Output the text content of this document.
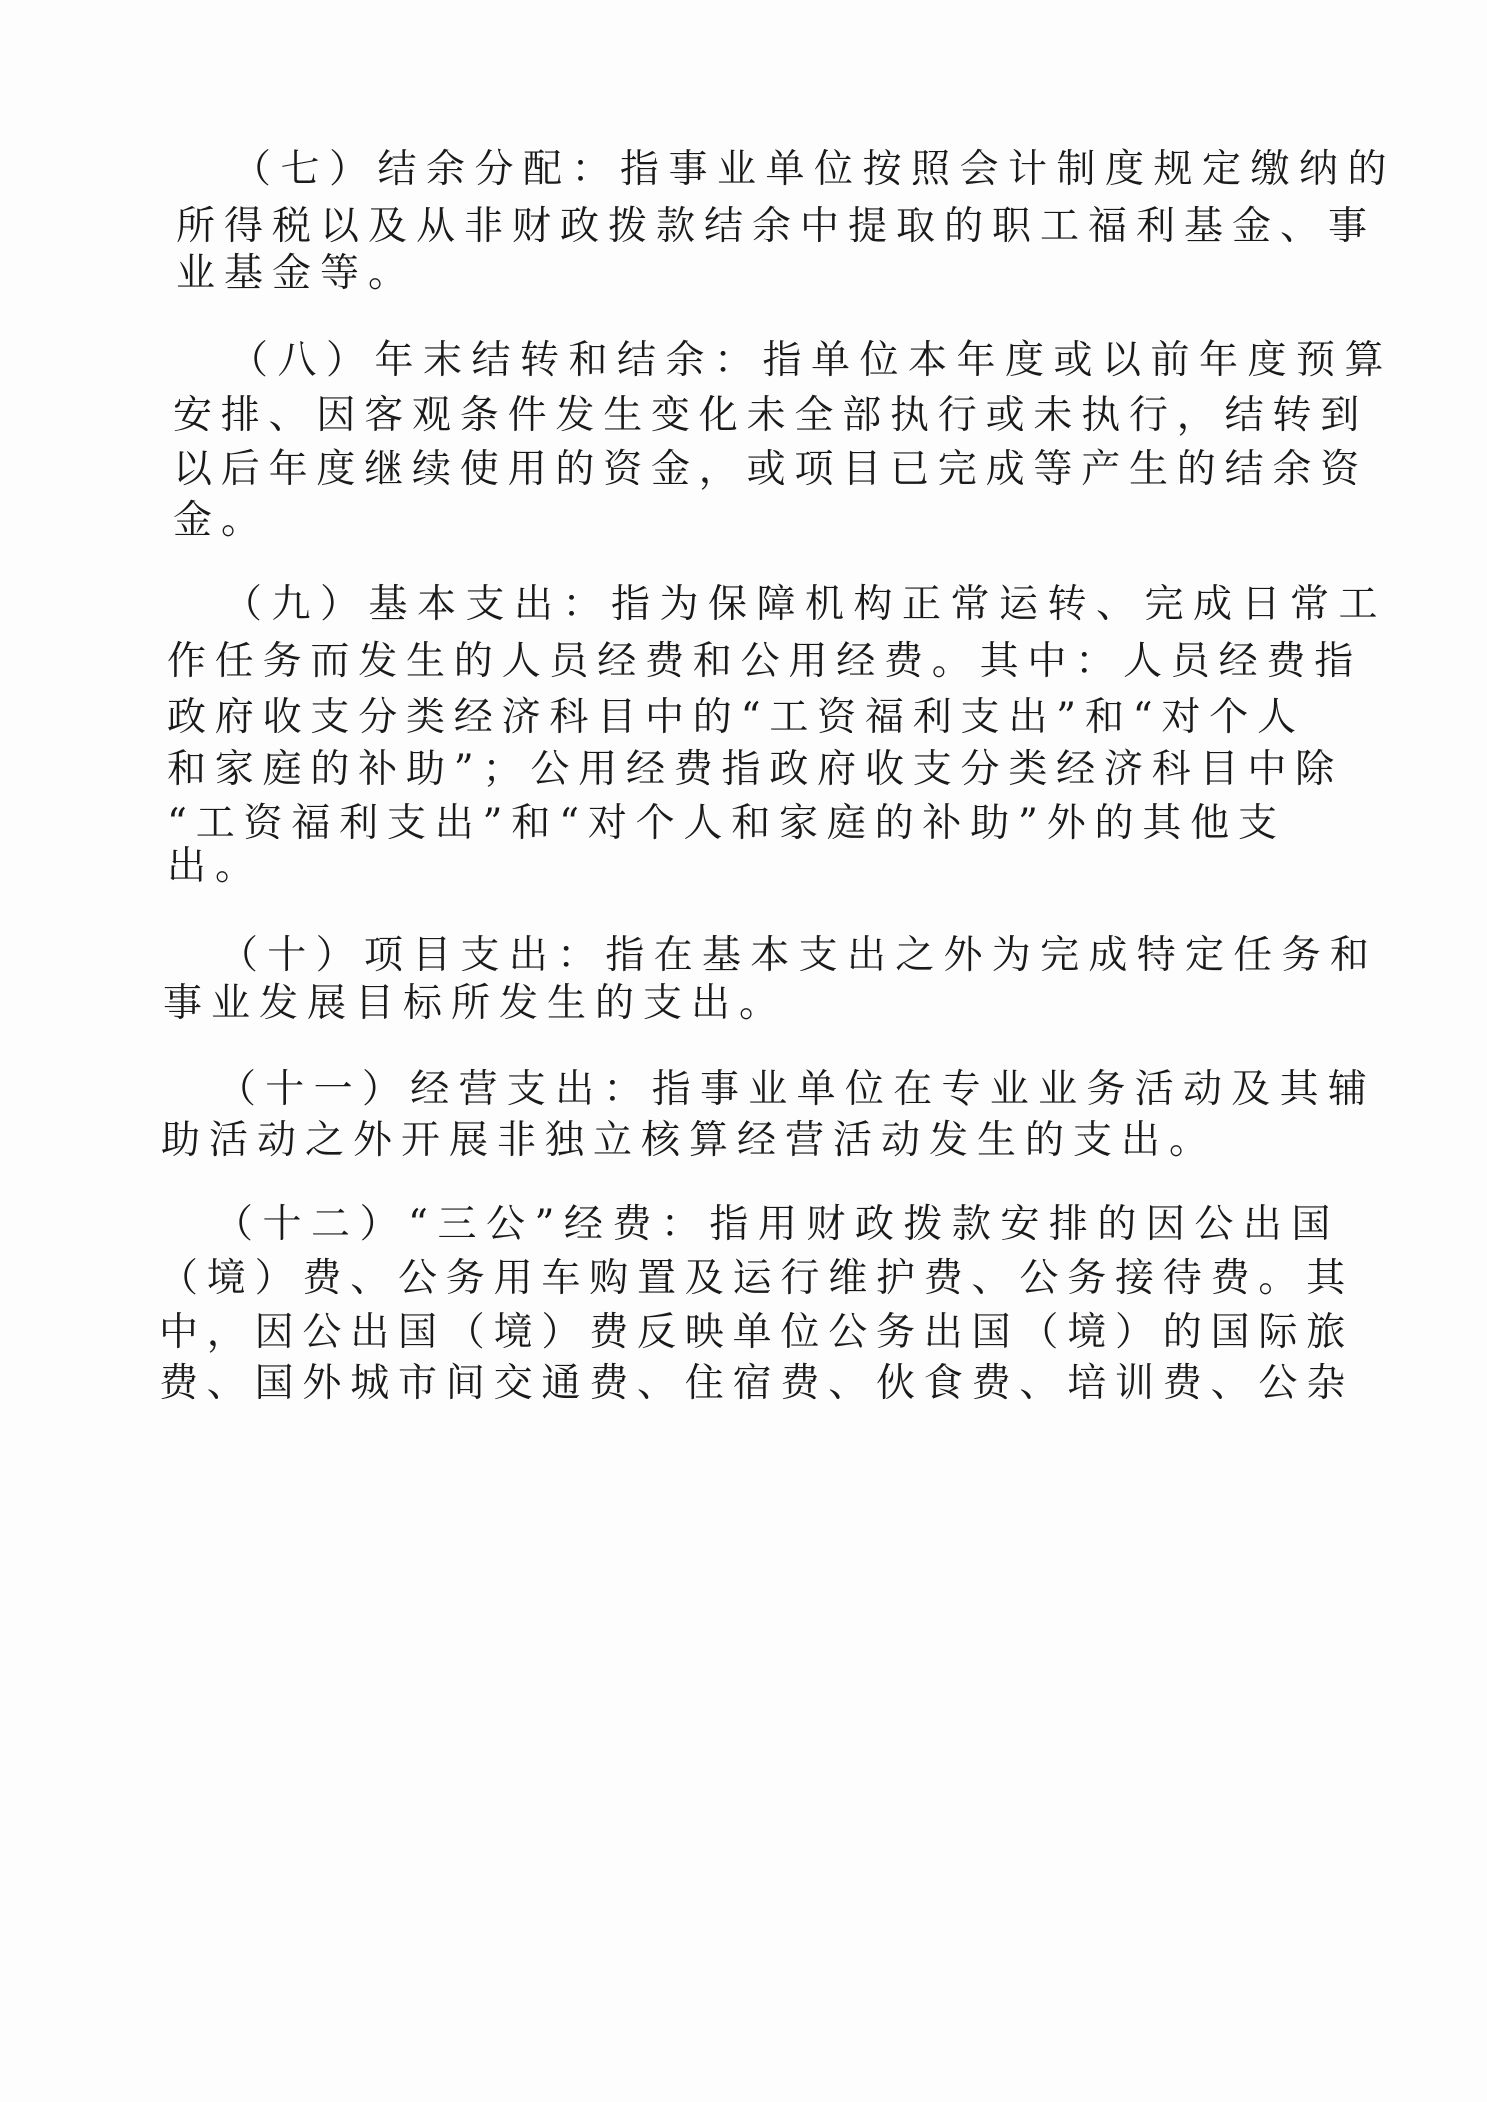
（七）结余分配：指事业单位按照会计制度规定缴纳的

所得税以及从非财政拨款结余中提取的职工福利基金、事

业基金等。

（八）年末结转和结余：指单位本年度或以前年度预算

安排、因客观条件发生变化未全部执行或未执行，结转到

以后年度继续使用的资金，或项目已完成等产生的结余资

金。

（九）基本支出：指为保障机构正常运转、完成日常工

作任务而发生的人员经费和公用经费。其中：人员经费指

政府收支分类经济科目中的“工资福利支出”和“对个人

和家庭的补助”；公用经费指政府收支分类经济科目中除

“工资福利支出”和“对个人和家庭的补助”外的其他支

出。

（十）项目支出：指在基本支出之外为完成特定任务和

事业发展目标所发生的支出。

（十一）经营支出：指事业单位在专业业务活动及其辅

助活动之外开展非独立核算经营活动发生的支出。

（十二）“三公”经费：指用财政拨款安排的因公出国

（境）费、公务用车购置及运行维护费、公务接待费。其

中，因公出国（境）费反映单位公务出国（境）的国际旅

费、国外城市间交通费、住宿费、伙食费、培训费、公杂
